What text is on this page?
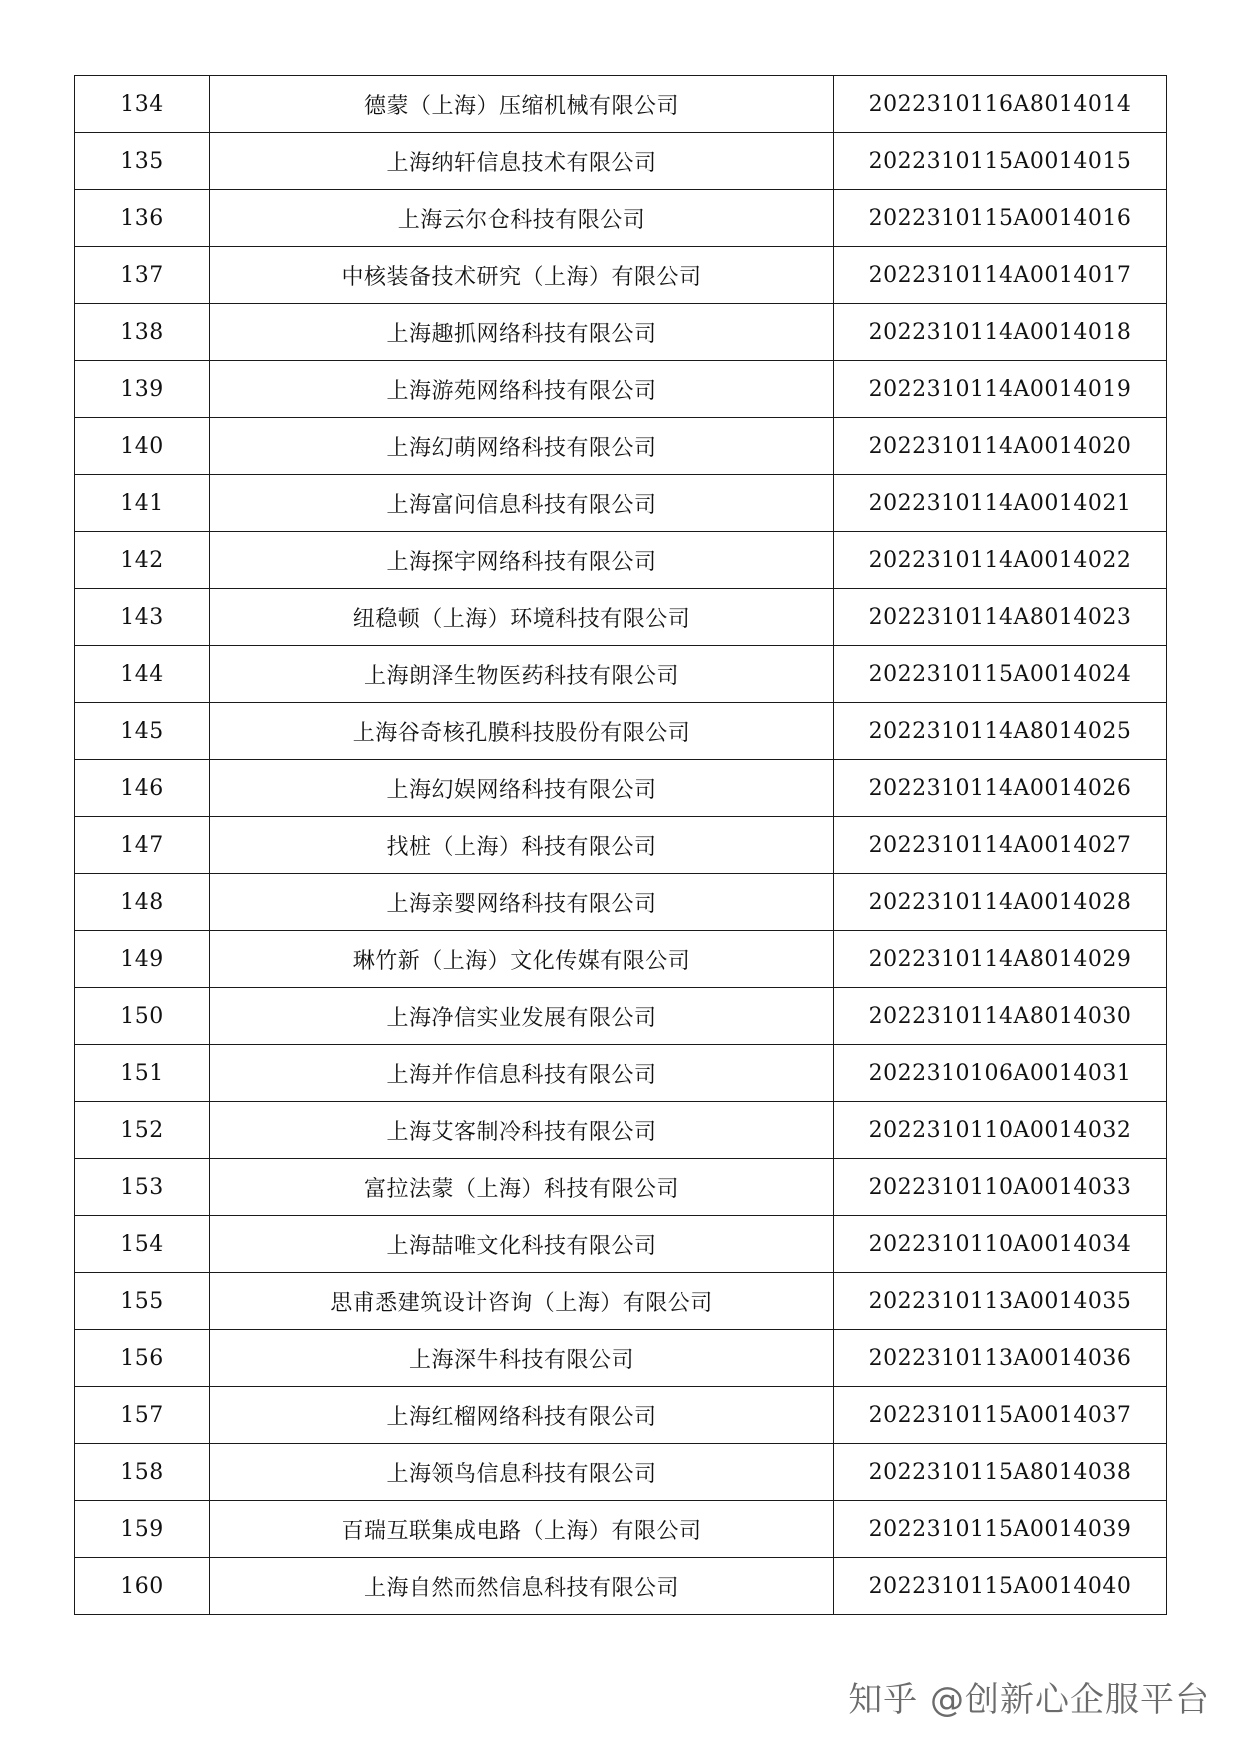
134	德蒙（上海）压缩机械有限公司	2022310116A8014014
135	上海纳轩信息技术有限公司	2022310115A0014015
136	上海云尔仓科技有限公司	2022310115A0014016
137	中核装备技术研究（上海）有限公司	2022310114A0014017
138	上海趣抓网络科技有限公司	2022310114A0014018
139	上海游苑网络科技有限公司	2022310114A0014019
140	上海幻萌网络科技有限公司	2022310114A0014020
141	上海富问信息科技有限公司	2022310114A0014021
142	上海探宇网络科技有限公司	2022310114A0014022
143	纽稳顿（上海）环境科技有限公司	2022310114A8014023
144	上海朗泽生物医药科技有限公司	2022310115A0014024
145	上海谷奇核孔膜科技股份有限公司	2022310114A8014025
146	上海幻娱网络科技有限公司	2022310114A0014026
147	找桩（上海）科技有限公司	2022310114A0014027
148	上海亲婴网络科技有限公司	2022310114A0014028
149	琳竹新（上海）文化传媒有限公司	2022310114A8014029
150	上海净信实业发展有限公司	2022310114A8014030
151	上海并作信息科技有限公司	2022310106A0014031
152	上海艾客制冷科技有限公司	2022310110A0014032
153	富拉法蒙（上海）科技有限公司	2022310110A0014033
154	上海喆唯文化科技有限公司	2022310110A0014034
155	思甫悉建筑设计咨询（上海）有限公司	2022310113A0014035
156	上海深牛科技有限公司	2022310113A0014036
157	上海红榴网络科技有限公司	2022310115A0014037
158	上海领鸟信息科技有限公司	2022310115A8014038
159	百瑞互联集成电路（上海）有限公司	2022310115A0014039
160	上海自然而然信息科技有限公司	2022310115A0014040
知乎 @创新心企服平台
